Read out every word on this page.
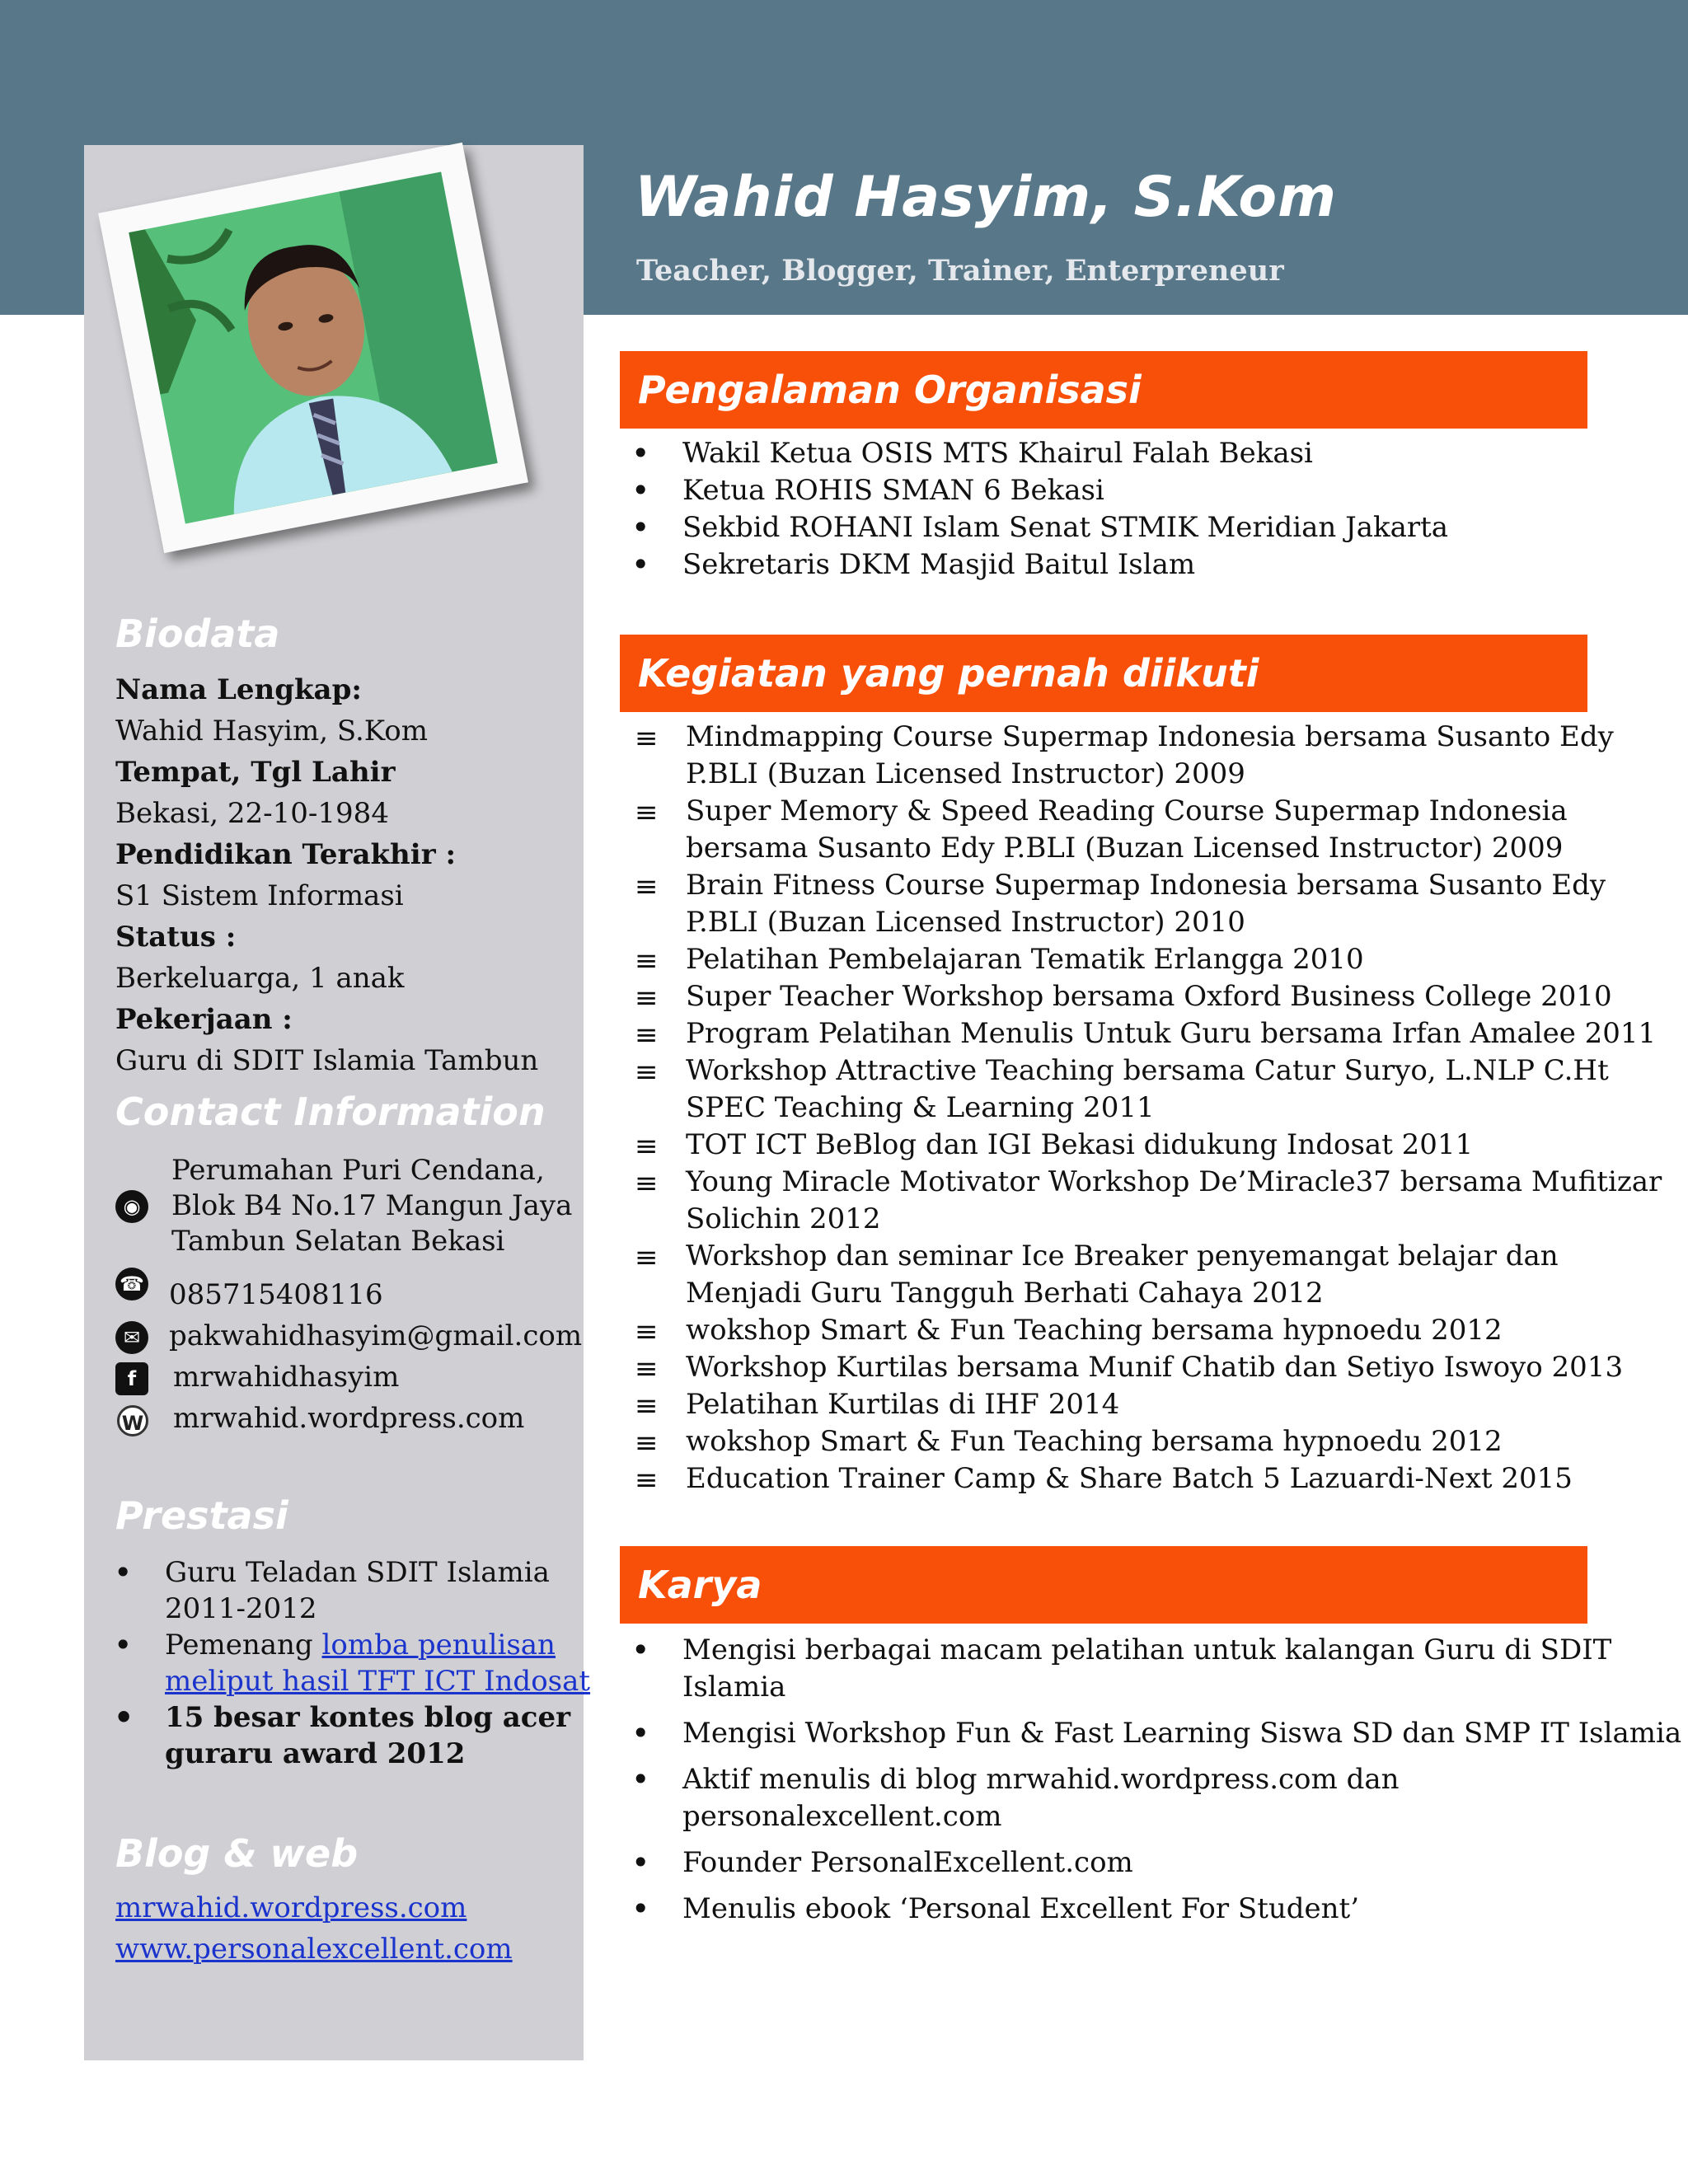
Wahid Hasyim, S.Kom
Teacher, Blogger, Trainer, Enterpreneur
Pengalaman Organisasi
• Wakil Ketua OSIS MTS Khairul Falah Bekasi
• Ketua ROHIS SMAN 6 Bekasi
• Sekbid ROHANI Islam Senat STMIK Meridian Jakarta
• Sekretaris DKM Masjid Baitul Islam
Kegiatan yang pernah diikuti
≡ Mindmapping Course Supermap Indonesia bersama Susanto Edy
P.BLI (Buzan Licensed Instructor) 2009
≡ Super Memory & Speed Reading Course Supermap Indonesia
bersama Susanto Edy P.BLI (Buzan Licensed Instructor) 2009
≡ Brain Fitness Course Supermap Indonesia bersama Susanto Edy
P.BLI (Buzan Licensed Instructor) 2010
≡ Pelatihan Pembelajaran Tematik Erlangga 2010
≡ Super Teacher Workshop bersama Oxford Business College 2010
≡ Program Pelatihan Menulis Untuk Guru bersama Irfan Amalee 2011
≡ Workshop Attractive Teaching bersama Catur Suryo, L.NLP C.Ht
SPEC Teaching & Learning 2011
≡ TOT ICT BeBlog dan IGI Bekasi didukung Indosat 2011
≡ Young Miracle Motivator Workshop De’Miracle37 bersama Mufitizar
Solichin 2012
≡ Workshop dan seminar Ice Breaker penyemangat belajar dan
Menjadi Guru Tangguh Berhati Cahaya 2012
≡ wokshop Smart & Fun Teaching bersama hypnoedu 2012
≡ Workshop Kurtilas bersama Munif Chatib dan Setiyo Iswoyo 2013
≡ Pelatihan Kurtilas di IHF 2014
≡ wokshop Smart & Fun Teaching bersama hypnoedu 2012
≡ Education Trainer Camp & Share Batch 5 Lazuardi-Next 2015
Karya
• Mengisi berbagai macam pelatihan untuk kalangan Guru di SDIT
Islamia
• Mengisi Workshop Fun & Fast Learning Siswa SD dan SMP IT Islamia
• Aktif menulis di blog mrwahid.wordpress.com dan
personalexcellent.com
• Founder PersonalExcellent.com
• Menulis ebook ‘Personal Excellent For Student’
Biodata
Nama Lengkap:
Wahid Hasyim, S.Kom
Tempat, Tgl Lahir
Bekasi, 22-10-1984
Pendidikan Terakhir :
S1 Sistem Informasi
Status :
Berkeluarga, 1 anak
Pekerjaan :
Guru di SDIT Islamia Tambun
Contact Information
◉
Perumahan Puri Cendana,
Blok B4 No.17 Mangun Jaya
Tambun Selatan Bekasi
☎ 085715408116
✉ pakwahidhasyim@gmail.com
f	mrwahidhasyim
W mrwahid.wordpress.com
Prestasi
• Guru Teladan SDIT Islamia
2011-2012
• Pemenang lomba penulisan
meliput hasil TFT ICT Indosat
• 15 besar kontes blog acer
guraru award 2012
Blog & web
mrwahid.wordpress.com
www.personalexcellent.com
